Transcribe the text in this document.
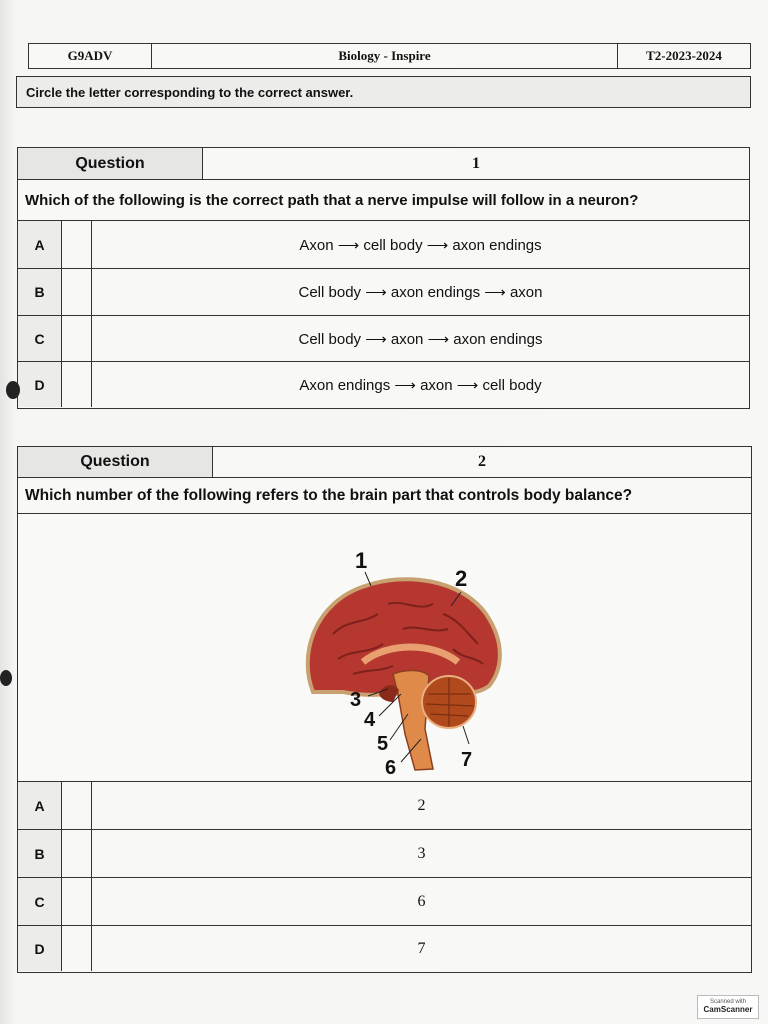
G9ADV	Biology - Inspire	T2-2023-2024
Circle the letter corresponding to the correct answer.
Question	1
Which of the following is the correct path that a nerve impulse will follow in a neuron?
A	Axon ⟶ cell body ⟶ axon endings
B	Cell body ⟶ axon endings ⟶ axon
C	Cell body ⟶ axon ⟶ axon endings
D	Axon endings ⟶ axon ⟶ cell body
Question	2
Which number of the following refers to the brain part that controls body balance?
1
2
3
4
5
6	7
A	2
B	3
C	6
D	7
Scanned with
CamScanner
